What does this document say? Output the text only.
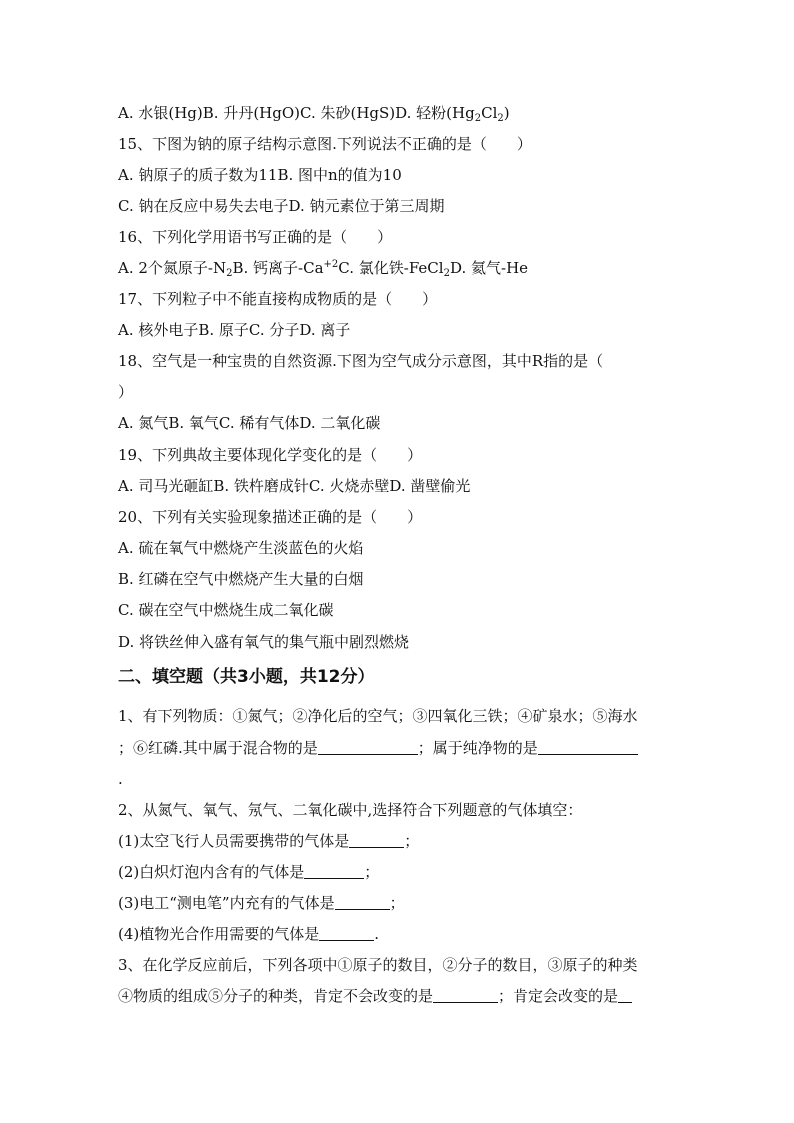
A. 水银(Hg)B. 升丹(HgO)C. 朱砂(HgS)D. 轻粉$(Hg_2Cl_2)$
15、下图为钠的原子结构示意图.下列说法不正确的是（　　）
A. 钠原子的质子数为11B. 图中n的值为10
C. 钠在反应中易失去电子D. 钠元素位于第三周期
16、下列化学用语书写正确的是（　　）
A. 2个氮原子$-N_2B$. 钙离子$-Ca^{+2}C$. 氯化铁-FeCl$_2$D. 氦气-He
17、下列粒子中不能直接构成物质的是（　　）
A. 核外电子B. 原子C. 分子D. 离子
18、空气是一种宝贵的自然资源.下图为空气成分示意图，其中R指的是（
）
A. 氮气B. 氧气C. 稀有气体D. 二氧化碳
19、下列典故主要体现化学变化的是（　　）
A. 司马光砸缸B. 铁杵磨成针C. 火烧赤壁D. 凿壁偷光
20、下列有关实验现象描述正确的是（　　）
A. 硫在氧气中燃烧产生淡蓝色的火焰
B. 红磷在空气中燃烧产生大量的白烟
C. 碳在空气中燃烧生成二氧化碳
D. 将铁丝伸入盛有氧气的集气瓶中剧烈燃烧
二、填空题（共3小题，共12分）
1、有下列物质：①氮气；②净化后的空气；③四氧化三铁；④矿泉水；⑤海水
；⑥红磷.其中属于混合物的是	；属于纯净物的是
.
2、从氮气、氧气、氖气、二氧化碳中,选择符合下列题意的气体填空：
(1)太空飞行人员需要携带的气体是	；
(2)白炽灯泡内含有的气体是	；
(3)电工“测电笔”内充有的气体是	；
(4)植物光合作用需要的气体是	.
3、在化学反应前后，下列各项中①原子的数目，②分子的数目，③原子的种类
④物质的组成⑤分子的种类，肯定不会改变的是	；肯定会改变的是
